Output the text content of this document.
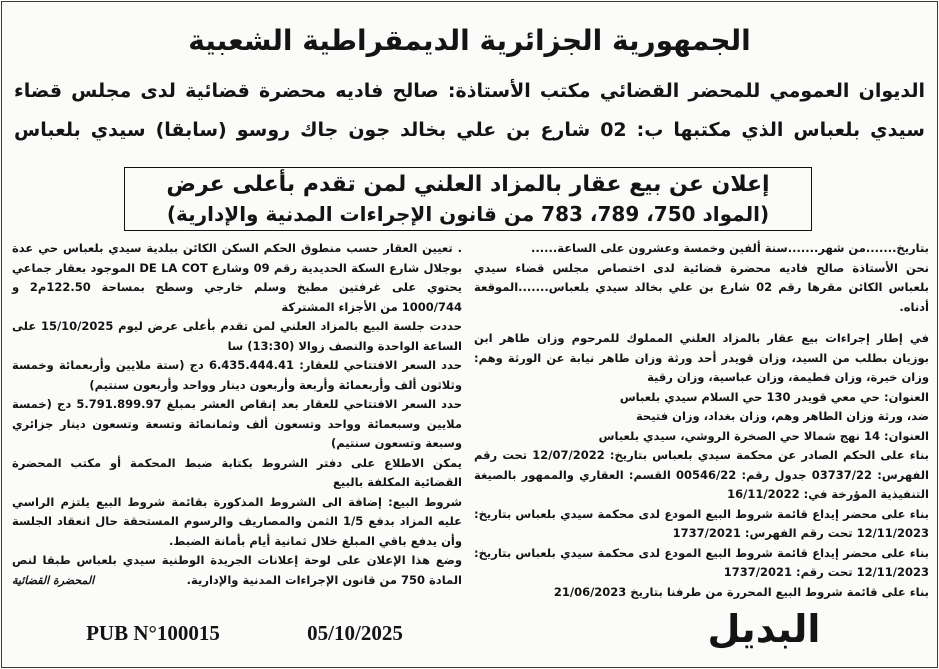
الجمهورية الجزائرية الديمقراطية الشعبية
الديوان العمومي للمحضر القضائي مكتب الأستاذة: صالح فاديه محضرة قضائية لدى مجلس قضاء
سيدي بلعباس الذي مكتبها ب: 02 شارع بن علي بخالد جون جاك روسو (سابقا) سيدي بلعباس
إعلان عن بيع عقار بالمزاد العلني لمن تقدم بأعلى عرض
(المواد 750، 789، 783 من قانون الإجراءات المدنية والإدارية)

بتاريخ.......من شهر.......سنة ألفين وخمسة وعشرون على الساعة......

نحن الأستاذة صالح فاديه محضرة قضائية لدى اختصاص مجلس قضاء سيدي بلعباس الكائن مقرها رقم 02 شارع بن علي بخالد سيدي بلعباس.......الموقعة أدناه.

في إطار إجراءات بيع عقار بالمزاد العلني المملوك للمرحوم وزان طاهر ابن بوزيان بطلب من السيد، وزان قويدر أحد ورثة وزان طاهر نيابة عن الورثة وهم: وزان خيرة، وزان فطيمة، وزان عباسية، وزان رقية

العنوان: حي معي قويدر 130 حي السلام سيدي بلعباس

ضد، ورثة وزان الطاهر وهم، وزان بغداد، وزان فتيحة

العنوان: 14 نهج شمالا حي الصخرة الروشي، سيدي بلعباس

بناء على الحكم الصادر عن محكمة سيدي بلعباس بتاريخ: 12/07/2022 تحت رقم الفهرس: 03737/22 جدول رقم: 00546/22 القسم: العقاري والممهور بالصيغة التنفيذية المؤرخة في: 16/11/2022

بناء على محضر إيداع قائمة شروط البيع المودع لدى محكمة سيدي بلعباس بتاريخ: 12/11/2023 تحت رقم الفهرس: 1737/2021

بناء على محضر إيداع قائمة شروط البيع المودع لدى محكمة سيدي بلعباس بتاريخ: 12/11/2023 تحت رقم: 1737/2021

بناء على قائمة شروط البيع المحررة من طرفنا بتاريخ 21/06/2023

. تعيين العقار حسب منطوق الحكم السكن الكائن ببلدية سيدي بلعباس حي عدة بوجلال شارع السكة الحديدية رقم 09 وشارع DE LA COT الموجود بعقار جماعي يحتوي على غرفتين مطبخ وسلم خارجي وسطح بمساحة 122.50م2 و 1000/744 من الأجزاء المشتركة

حددت جلسة البيع بالمزاد العلني لمن تقدم بأعلى عرض ليوم 15/10/2025 على الساعة الواحدة والنصف زوالا (13:30) سا

حدد السعر الافتتاحي للعقار: 6.435.444.41 دج (ستة ملايين وأربعمائة وخمسة وثلاثون ألف وأربعمائة وأربعة وأربعون دينار وواحد وأربعون سنتيم)

حدد السعر الافتتاحي للعقار بعد إنقاص العشر بمبلغ 5.791.899.97 دج (خمسة ملايين وسبعمائة وواحد وتسعون ألف وثمانمائة وتسعة وتسعون دينار جزائري وسبعة وتسعون سنتيم)

يمكن الاطلاع على دفتر الشروط بكتابة ضبط المحكمة أو مكتب المحضرة القضائية المكلفة بالبيع

شروط البيع: إضافة الى الشروط المذكورة بقائمة شروط البيع يلتزم الراسي عليه المزاد بدفع 1/5 الثمن والمصاريف والرسوم المستحقة حال انعقاد الجلسة وأن يدفع باقي المبلغ خلال ثمانية أيام بأمانة الضبط.

وضع هذا الإعلان على لوحة إعلانات الجريدة الوطنية سيدي بلعباس طبقا لنص المادة 750 من قانون الإجراءات المدنية والإدارية.

المحضرة القضائية
البديل
05/10/2025
PUB N°100015
